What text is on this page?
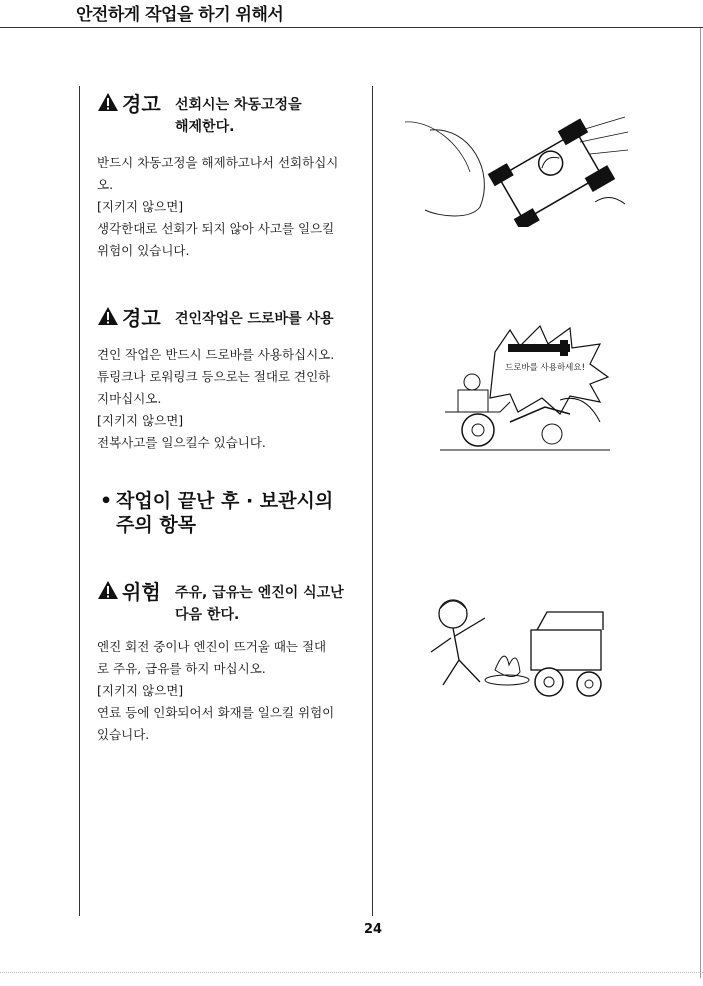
안전하게 작업을 하기 위해서
경고 선회시는 차동고정을
해제한다.

반드시 차동고정을 해제하고나서 선회하십시

오.

[지키지 않으면]

생각한대로 선회가 되지 않아 사고를 일으킬

위험이 있습니다.

경고 견인작업은 드로바를 사용

견인 작업은 반드시 드로바를 사용하십시오.

튜링크나 로워링크 등으로는 절대로 견인하

지마십시오.

[지키지 않으면]

전복사고를 일으킬수 있습니다.

• 작업이 끝난 후 · 보관시의
주의 항목
위험 주유, 급유는 엔진이 식고난
다음 한다.

엔진 회전 중이나 엔진이 뜨거울 때는 절대

로 주유, 급유를 하지 마십시오.

[지키지 않으면]

연료 등에 인화되어서 화재를 일으킬 위험이

있습니다.

드로바를 사용하세요!
24
